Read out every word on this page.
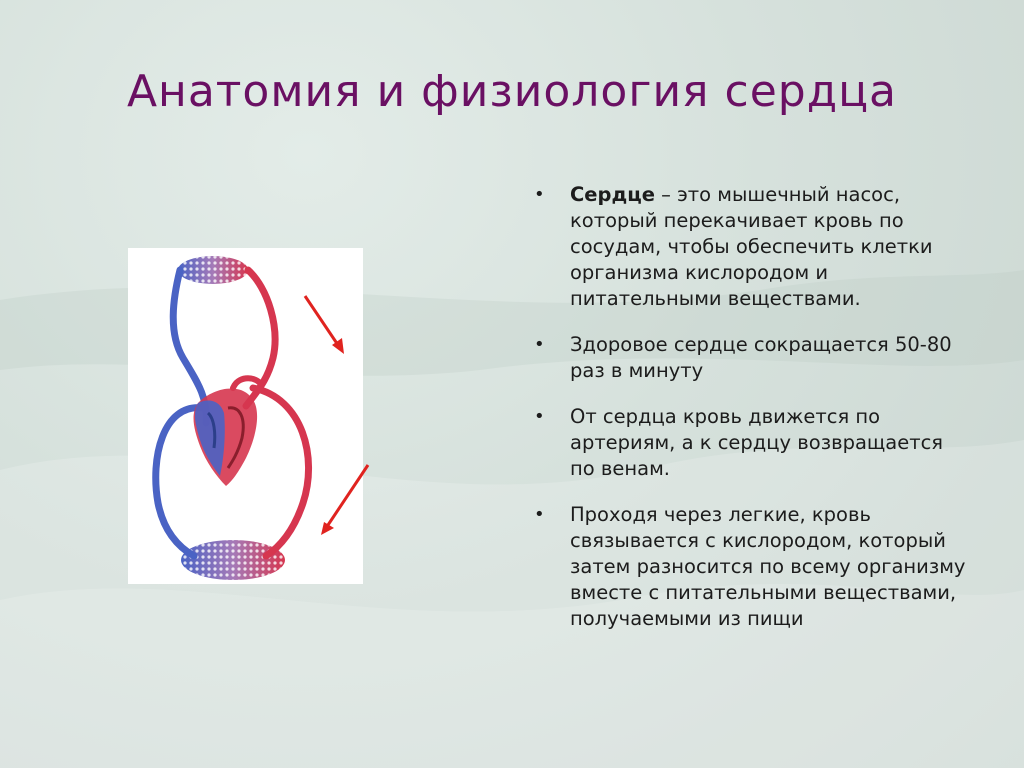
Анатомия и физиология сердца
• Сердце – это мышечный насос, который перекачивает кровь по сосудам, чтобы обеспечить клетки организма кислородом и питательными веществами.
• Здоровое сердце сокращается 50-80 раз в минуту
• От сердца кровь движется по артериям, а к сердцу возвращается по венам.
• Проходя через легкие, кровь связывается с кислородом, который затем разносится по всему организму вместе с питательными веществами, получаемыми из пищи
